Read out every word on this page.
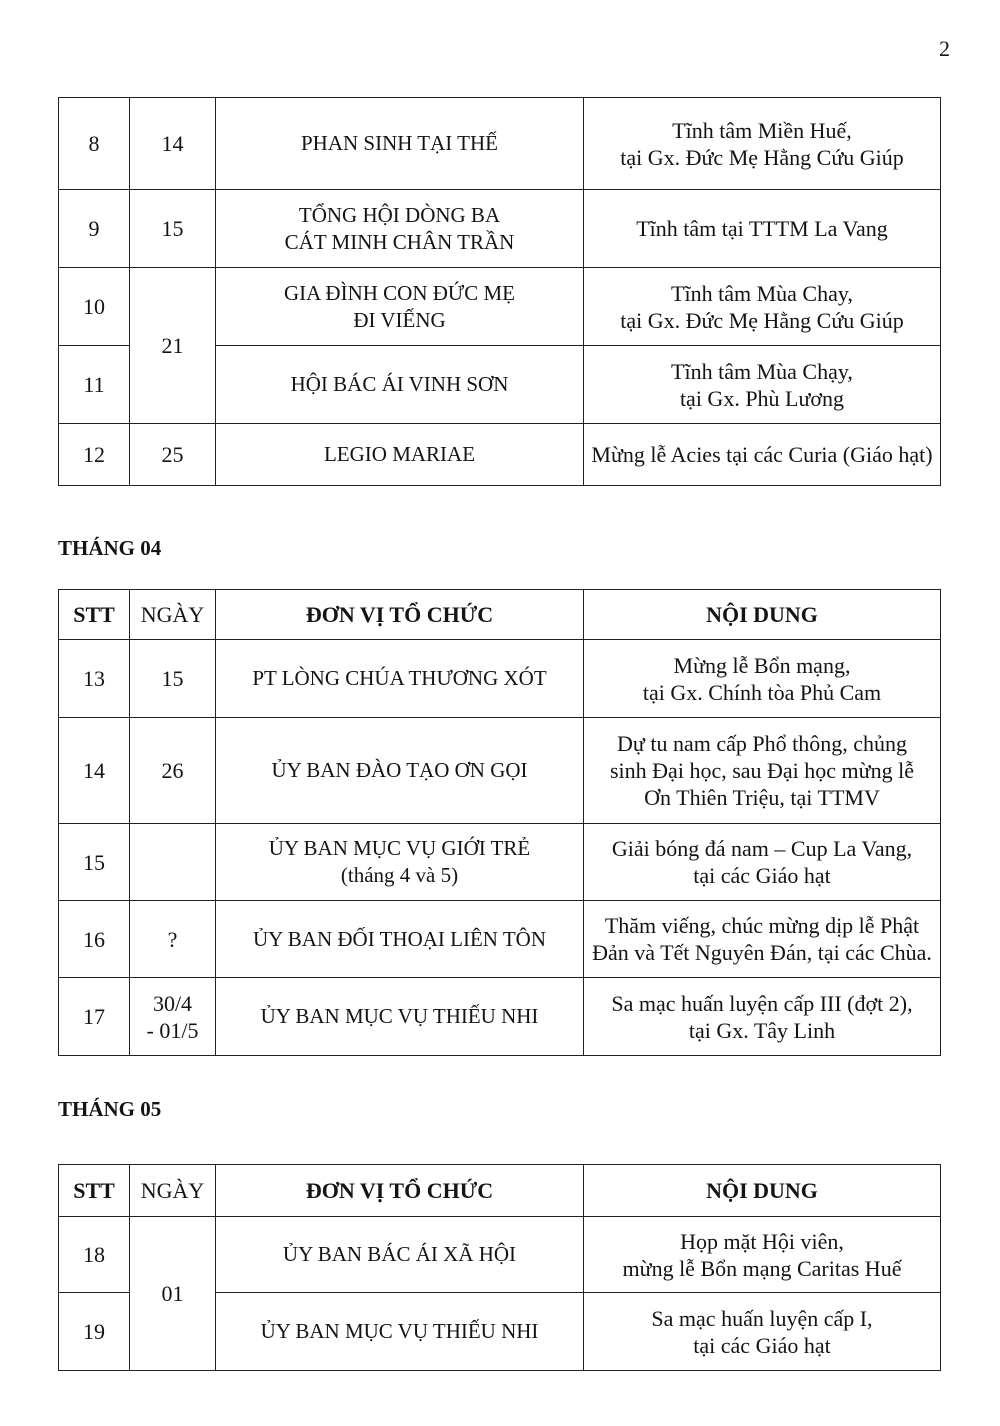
2
8	14	PHAN SINH TẠI THẾ	Tĩnh tâm Miền Huế,
tại Gx. Đức Mẹ Hằng Cứu Giúp
9	15	TỔNG HỘI DÒNG BA
CÁT MINH CHÂN TRẦN	Tĩnh tâm tại TTTM La Vang
10	21	GIA ĐÌNH CON ĐỨC MẸ
ĐI VIẾNG	Tĩnh tâm Mùa Chay,
tại Gx. Đức Mẹ Hằng Cứu Giúp
11		HỘI BÁC ÁI VINH SƠN	Tĩnh tâm Mùa Chạy,
tại Gx. Phù Lương
12	25	LEGIO MARIAE	Mừng lễ Acies tại các Curia (Giáo hạt)
THÁNG 04
STT	NGÀY	ĐƠN VỊ TỔ CHỨC	NỘI DUNG
13	15	PT LÒNG CHÚA THƯƠNG XÓT	Mừng lễ Bổn mạng,
tại Gx. Chính tòa Phủ Cam
14	26	ỦY BAN ĐÀO TẠO ƠN GỌI	Dự tu nam cấp Phổ thông, chủng
sinh Đại học, sau Đại học mừng lễ
Ơn Thiên Triệu, tại TTMV
15		ỦY BAN MỤC VỤ GIỚI TRẺ
(tháng 4 và 5)	Giải bóng đá nam – Cup La Vang,
tại các Giáo hạt
16	?	ỦY BAN ĐỐI THOẠI LIÊN TÔN	Thăm viếng, chúc mừng dịp lễ Phật
Đản và Tết Nguyên Đán, tại các Chùa.
17	30/4
- 01/5	ỦY BAN MỤC VỤ THIẾU NHI	Sa mạc huấn luyện cấp III (đợt 2),
tại Gx. Tây Linh
THÁNG 05
STT	NGÀY	ĐƠN VỊ TỔ CHỨC	NỘI DUNG
18	01	ỦY BAN BÁC ÁI XÃ HỘI	Họp mặt Hội viên,
mừng lễ Bổn mạng Caritas Huế
19		ỦY BAN MỤC VỤ THIẾU NHI	Sa mạc huấn luyện cấp I,
tại các Giáo hạt
